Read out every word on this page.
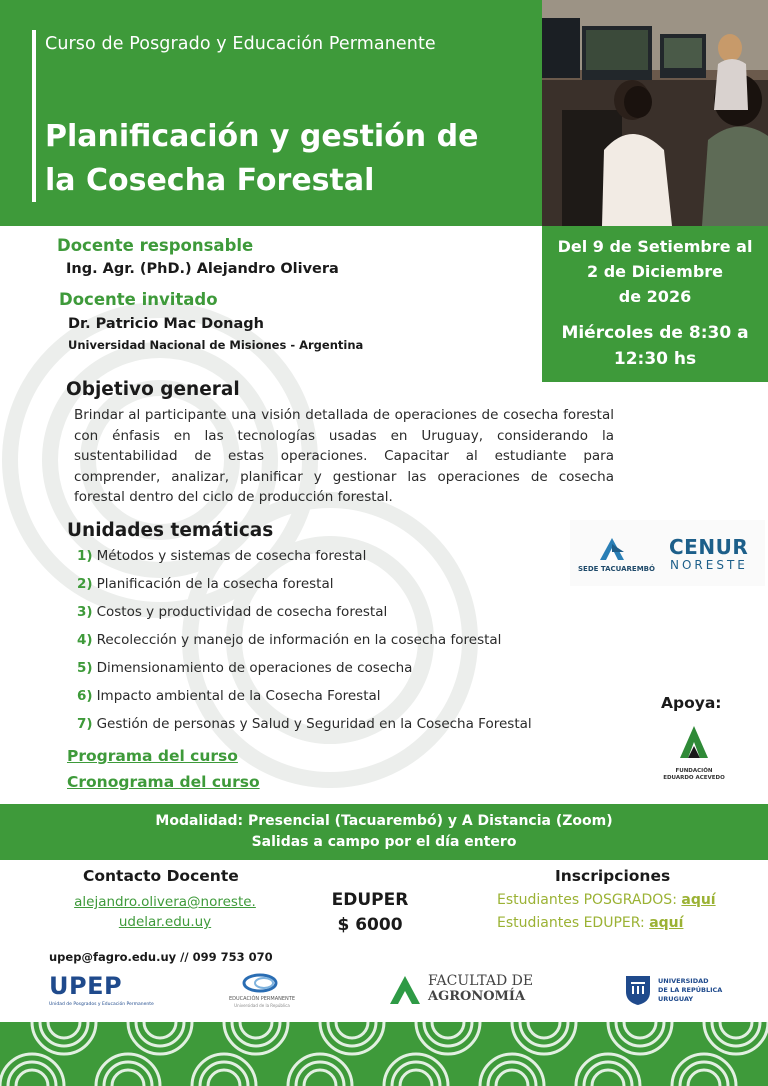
Curso de Posgrado y Educación Permanente
Planificación y gestión de
la Cosecha Forestal
Del 9 de Setiembre al
2 de Diciembre
de 2026
Miércoles de 8:30 a
12:30 hs
Docente responsable
Ing. Agr. (PhD.) Alejandro Olivera
Docente invitado
Dr. Patricio Mac Donagh
Universidad Nacional de Misiones - Argentina
Objetivo general
Brindar al participante una visión detallada de operaciones de cosecha forestal con énfasis en las tecnologías usadas en Uruguay, considerando la sustentabilidad de estas operaciones. Capacitar al estudiante para comprender, analizar, planificar y gestionar las operaciones de cosecha forestal dentro del ciclo de producción forestal.
Unidades temáticas
1) Métodos y sistemas de cosecha forestal
2) Planificación de la cosecha forestal
3) Costos y productividad de cosecha forestal
4) Recolección y manejo de información en la cosecha forestal
5) Dimensionamiento de operaciones de cosecha
6) Impacto ambiental de la Cosecha Forestal
7) Gestión de personas y Salud y Seguridad en la Cosecha Forestal
Programa del curso
Cronograma del curso
SEDE TACUAREMBÓ
CENUR
NORESTE
Apoya:
FUNDACIÓN
EDUARDO ACEVEDO
Modalidad: Presencial (Tacuarembó) y A Distancia (Zoom)
Salidas a campo por el día entero
Contacto Docente
alejandro.olivera@noreste.
udelar.edu.uy
upep@fagro.edu.uy // 099 753 070
EDUPER
$ 6000
Inscripciones
Estudiantes POSGRADOS: aquí
Estudiantes EDUPER: aquí
UPEP
Unidad de Posgrados y Educación Permanente
EDUCACIÓN PERMANENTE
Universidad de la República
FACULTAD DE
AGRONOMÍA
UNIVERSIDAD
DE LA REPÚBLICA
URUGUAY
